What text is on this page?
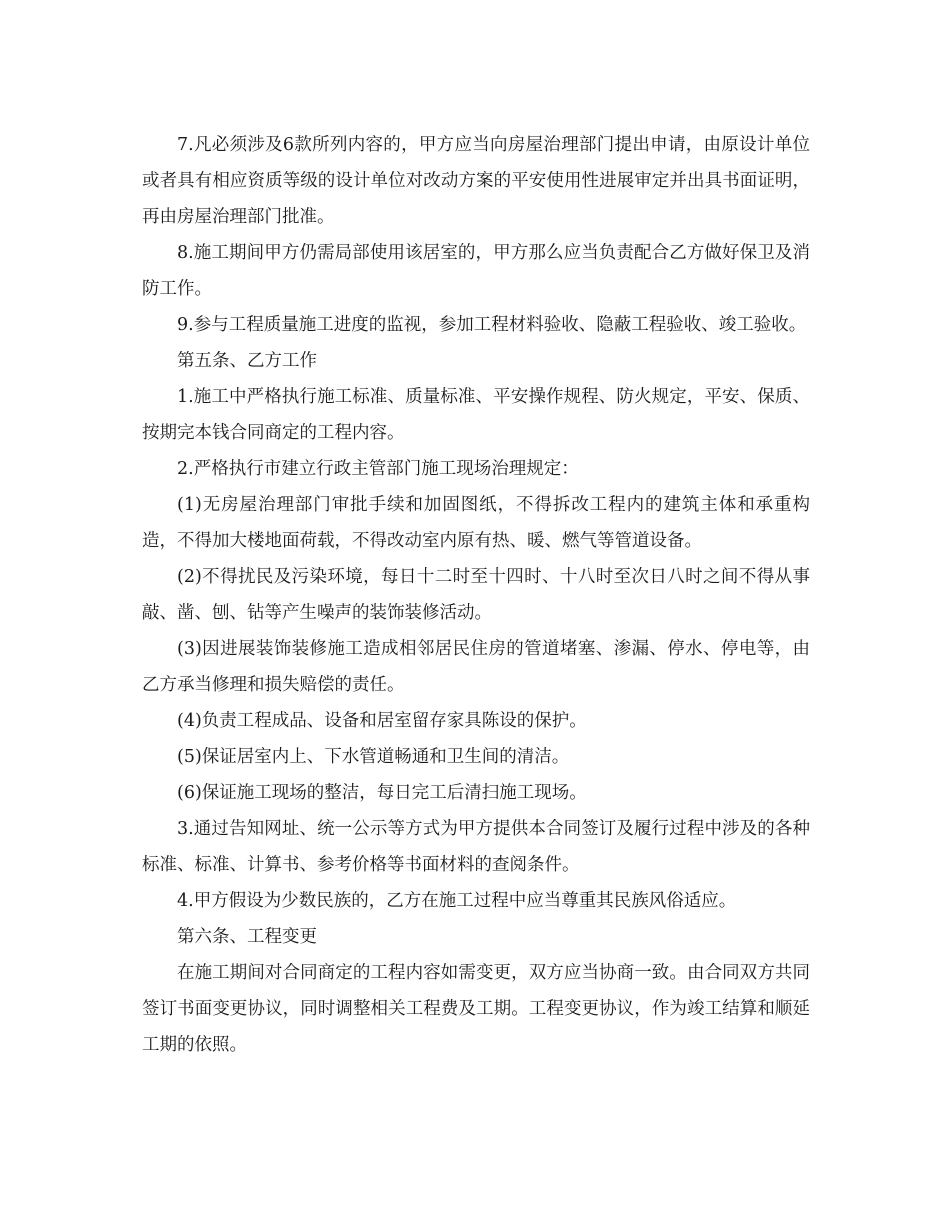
7.凡必须涉及6款所列内容的，甲方应当向房屋治理部门提出申请，由原设计单位或者具有相应资质等级的设计单位对改动方案的平安使用性进展审定并出具书面证明，再由房屋治理部门批准。

8.施工期间甲方仍需局部使用该居室的，甲方那么应当负责配合乙方做好保卫及消防工作。

9.参与工程质量施工进度的监视，参加工程材料验收、隐蔽工程验收、竣工验收。

第五条、乙方工作

1.施工中严格执行施工标准、质量标准、平安操作规程、防火规定，平安、保质、按期完本钱合同商定的工程内容。

2.严格执行市建立行政主管部门施工现场治理规定：

(1)无房屋治理部门审批手续和加固图纸，不得拆改工程内的建筑主体和承重构造，不得加大楼地面荷载，不得改动室内原有热、暖、燃气等管道设备。

(2)不得扰民及污染环境，每日十二时至十四时、十八时至次日八时之间不得从事敲、凿、刨、钻等产生噪声的装饰装修活动。

(3)因进展装饰装修施工造成相邻居民住房的管道堵塞、渗漏、停水、停电等，由乙方承当修理和损失赔偿的责任。

(4)负责工程成品、设备和居室留存家具陈设的保护。

(5)保证居室内上、下水管道畅通和卫生间的清洁。

(6)保证施工现场的整洁，每日完工后清扫施工现场。

3.通过告知网址、统一公示等方式为甲方提供本合同签订及履行过程中涉及的各种标准、标准、计算书、参考价格等书面材料的查阅条件。

4.甲方假设为少数民族的，乙方在施工过程中应当尊重其民族风俗适应。

第六条、工程变更

在施工期间对合同商定的工程内容如需变更，双方应当协商一致。由合同双方共同签订书面变更协议，同时调整相关工程费及工期。工程变更协议，作为竣工结算和顺延工期的依照。
